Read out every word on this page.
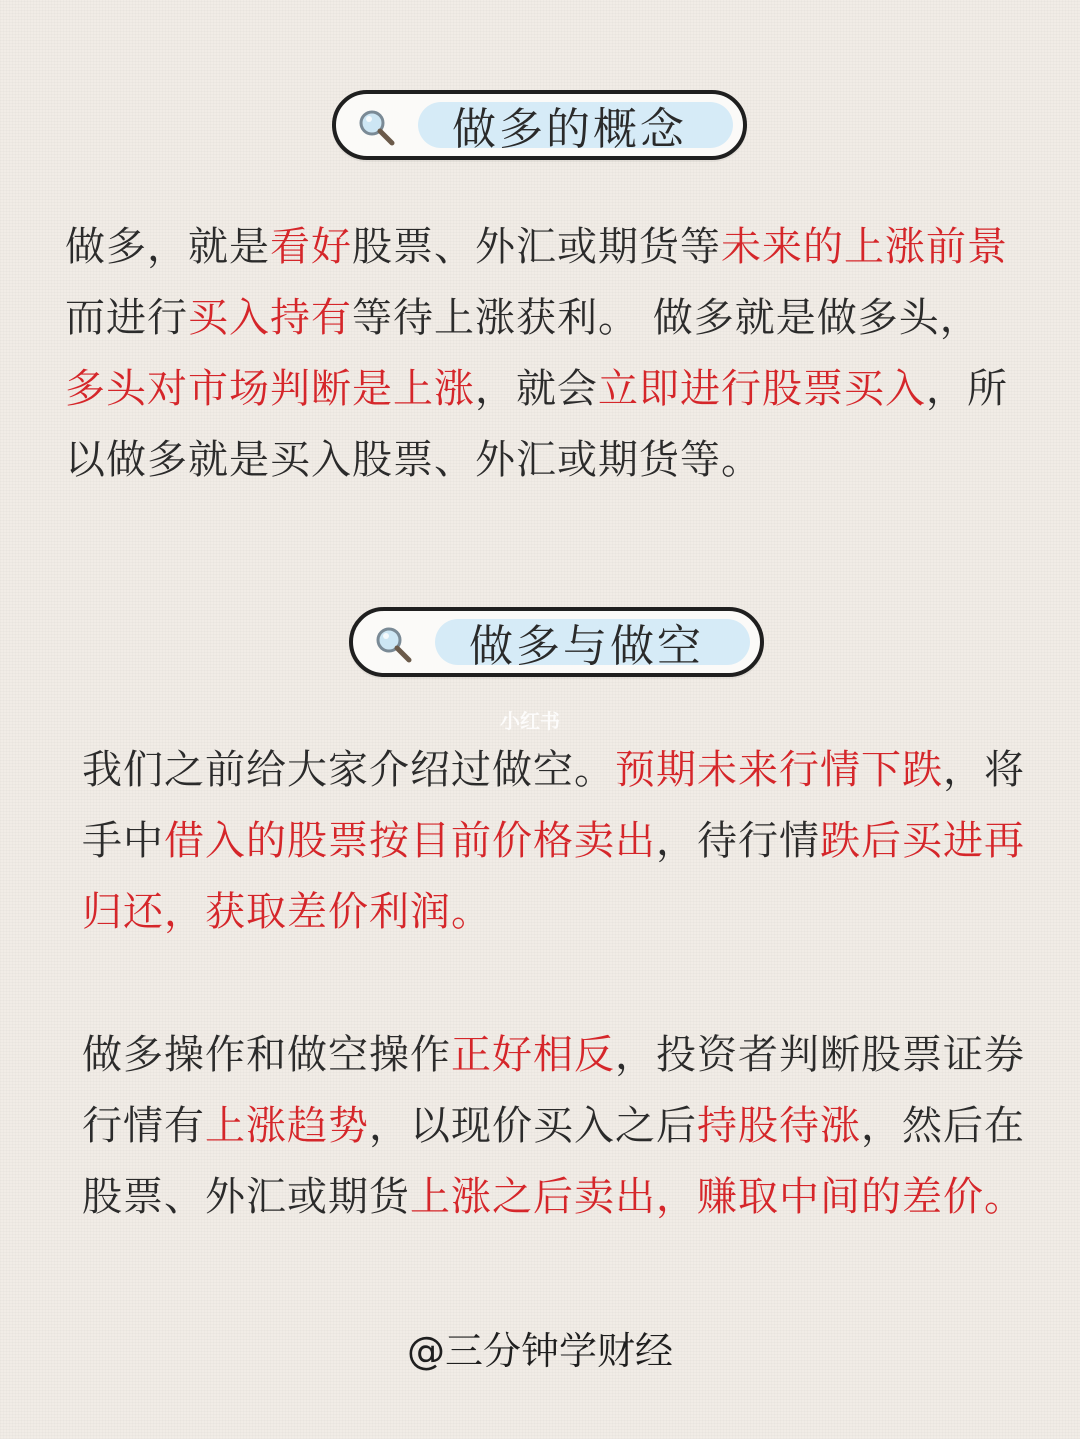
做多的概念
做多，就是看好股票、外汇或期货等未来的上涨前景而进行买入持有等待上涨获利。 做多就是做多头，多头对市场判断是上涨，就会立即进行股票买入，所以做多就是买入股票、外汇或期货等。
做多与做空
小红书
我们之前给大家介绍过做空。预期未来行情下跌，将手中借入的股票按目前价格卖出，待行情跌后买进再归还，获取差价利润。
做多操作和做空操作正好相反，投资者判断股票证券行情有上涨趋势，以现价买入之后持股待涨，然后在股票、外汇或期货上涨之后卖出，赚取中间的差价。
@三分钟学财经
